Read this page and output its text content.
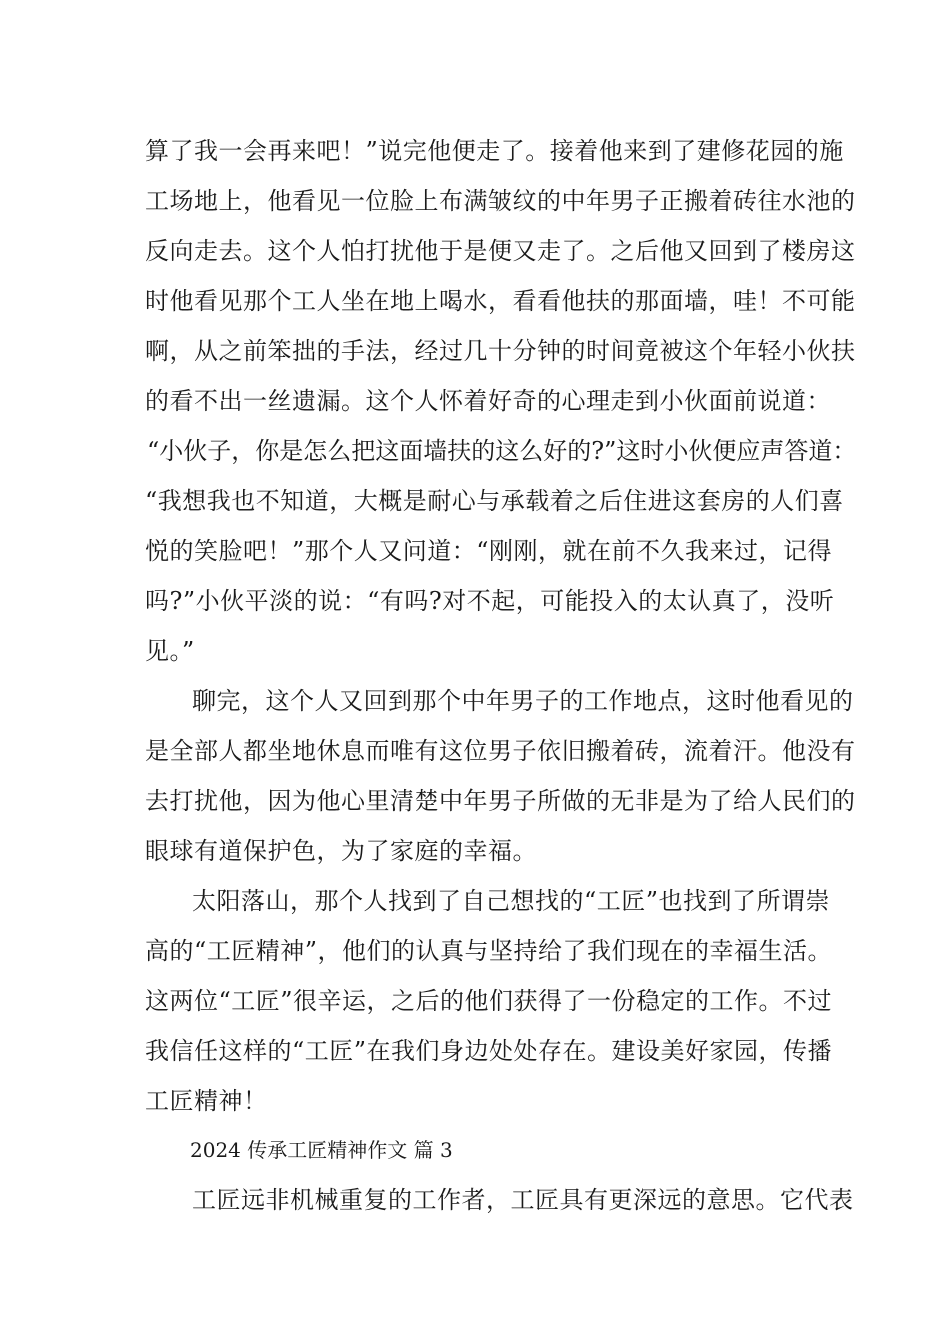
算了我一会再来吧！”说完他便走了。接着他来到了建修花园的施
工场地上，他看见一位脸上布满皱纹的中年男子正搬着砖往水池的
反向走去。这个人怕打扰他于是便又走了。之后他又回到了楼房这
时他看见那个工人坐在地上喝水，看看他扶的那面墙，哇！不可能
啊，从之前笨拙的手法，经过几十分钟的时间竟被这个年轻小伙扶
的看不出一丝遗漏。这个人怀着好奇的心理走到小伙面前说道：
“小伙子，你是怎么把这面墙扶的这么好的?”这时小伙便应声答道：
“我想我也不知道，大概是耐心与承载着之后住进这套房的人们喜
悦的笑脸吧！”那个人又问道：“刚刚，就在前不久我来过，记得
吗?”小伙平淡的说：“有吗?对不起，可能投入的太认真了，没听
见。”
聊完，这个人又回到那个中年男子的工作地点，这时他看见的
是全部人都坐地休息而唯有这位男子依旧搬着砖，流着汗。他没有
去打扰他，因为他心里清楚中年男子所做的无非是为了给人民们的
眼球有道保护色，为了家庭的幸福。
太阳落山，那个人找到了自己想找的“工匠”也找到了所谓崇
高的“工匠精神”，他们的认真与坚持给了我们现在的幸福生活。
这两位“工匠”很辛运，之后的他们获得了一份稳定的工作。不过
我信任这样的“工匠”在我们身边处处存在。建设美好家园，传播
工匠精神！
2024 传承工匠精神作文 篇 3
工匠远非机械重复的工作者，工匠具有更深远的意思。它代表
